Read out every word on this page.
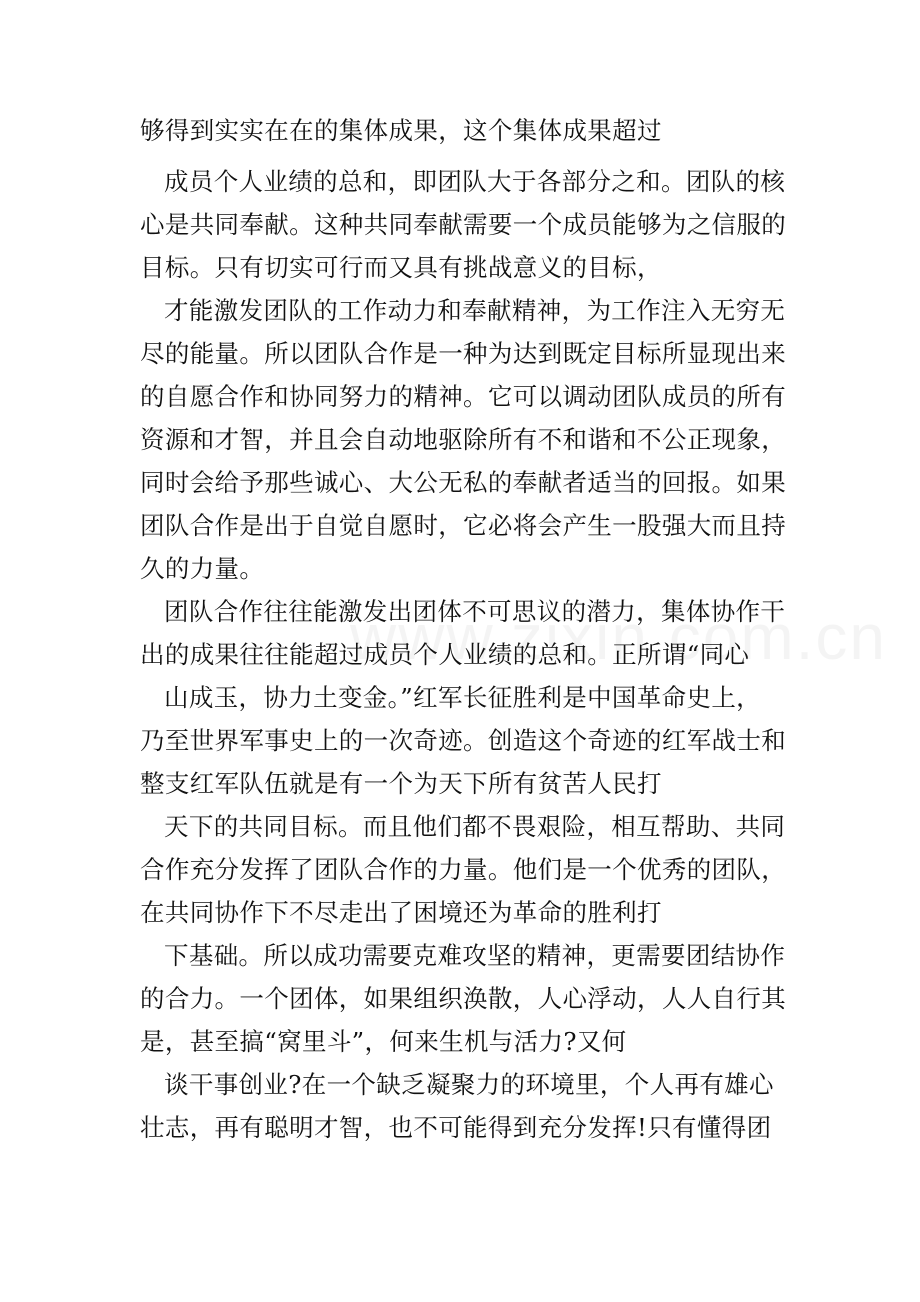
够得到实实在在的集体成果，这个集体成果超过
成员个人业绩的总和，即团队大于各部分之和。团队的核
心是共同奉献。这种共同奉献需要一个成员能够为之信服的
目标。只有切实可行而又具有挑战意义的目标，
才能激发团队的工作动力和奉献精神，为工作注入无穷无
尽的能量。所以团队合作是一种为达到既定目标所显现出来
的自愿合作和协同努力的精神。它可以调动团队成员的所有
资源和才智，并且会自动地驱除所有不和谐和不公正现象，
同时会给予那些诚心、大公无私的奉献者适当的回报。如果
团队合作是出于自觉自愿时，它必将会产生一股强大而且持
久的力量。
团队合作往往能激发出团体不可思议的潜力，集体协作干
出的成果往往能超过成员个人业绩的总和。正所谓“同心
山成玉，协力土变金。”红军长征胜利是中国革命史上，
乃至世界军事史上的一次奇迹。创造这个奇迹的红军战士和
整支红军队伍就是有一个为天下所有贫苦人民打
天下的共同目标。而且他们都不畏艰险，相互帮助、共同
合作充分发挥了团队合作的力量。他们是一个优秀的团队，
在共同协作下不尽走出了困境还为革命的胜利打
下基础。所以成功需要克难攻坚的精神，更需要团结协作
的合力。一个团体，如果组织涣散，人心浮动，人人自行其
是，甚至搞“窝里斗”，何来生机与活力?又何
谈干事创业?在一个缺乏凝聚力的环境里，个人再有雄心
壮志，再有聪明才智，也不可能得到充分发挥!只有懂得团
